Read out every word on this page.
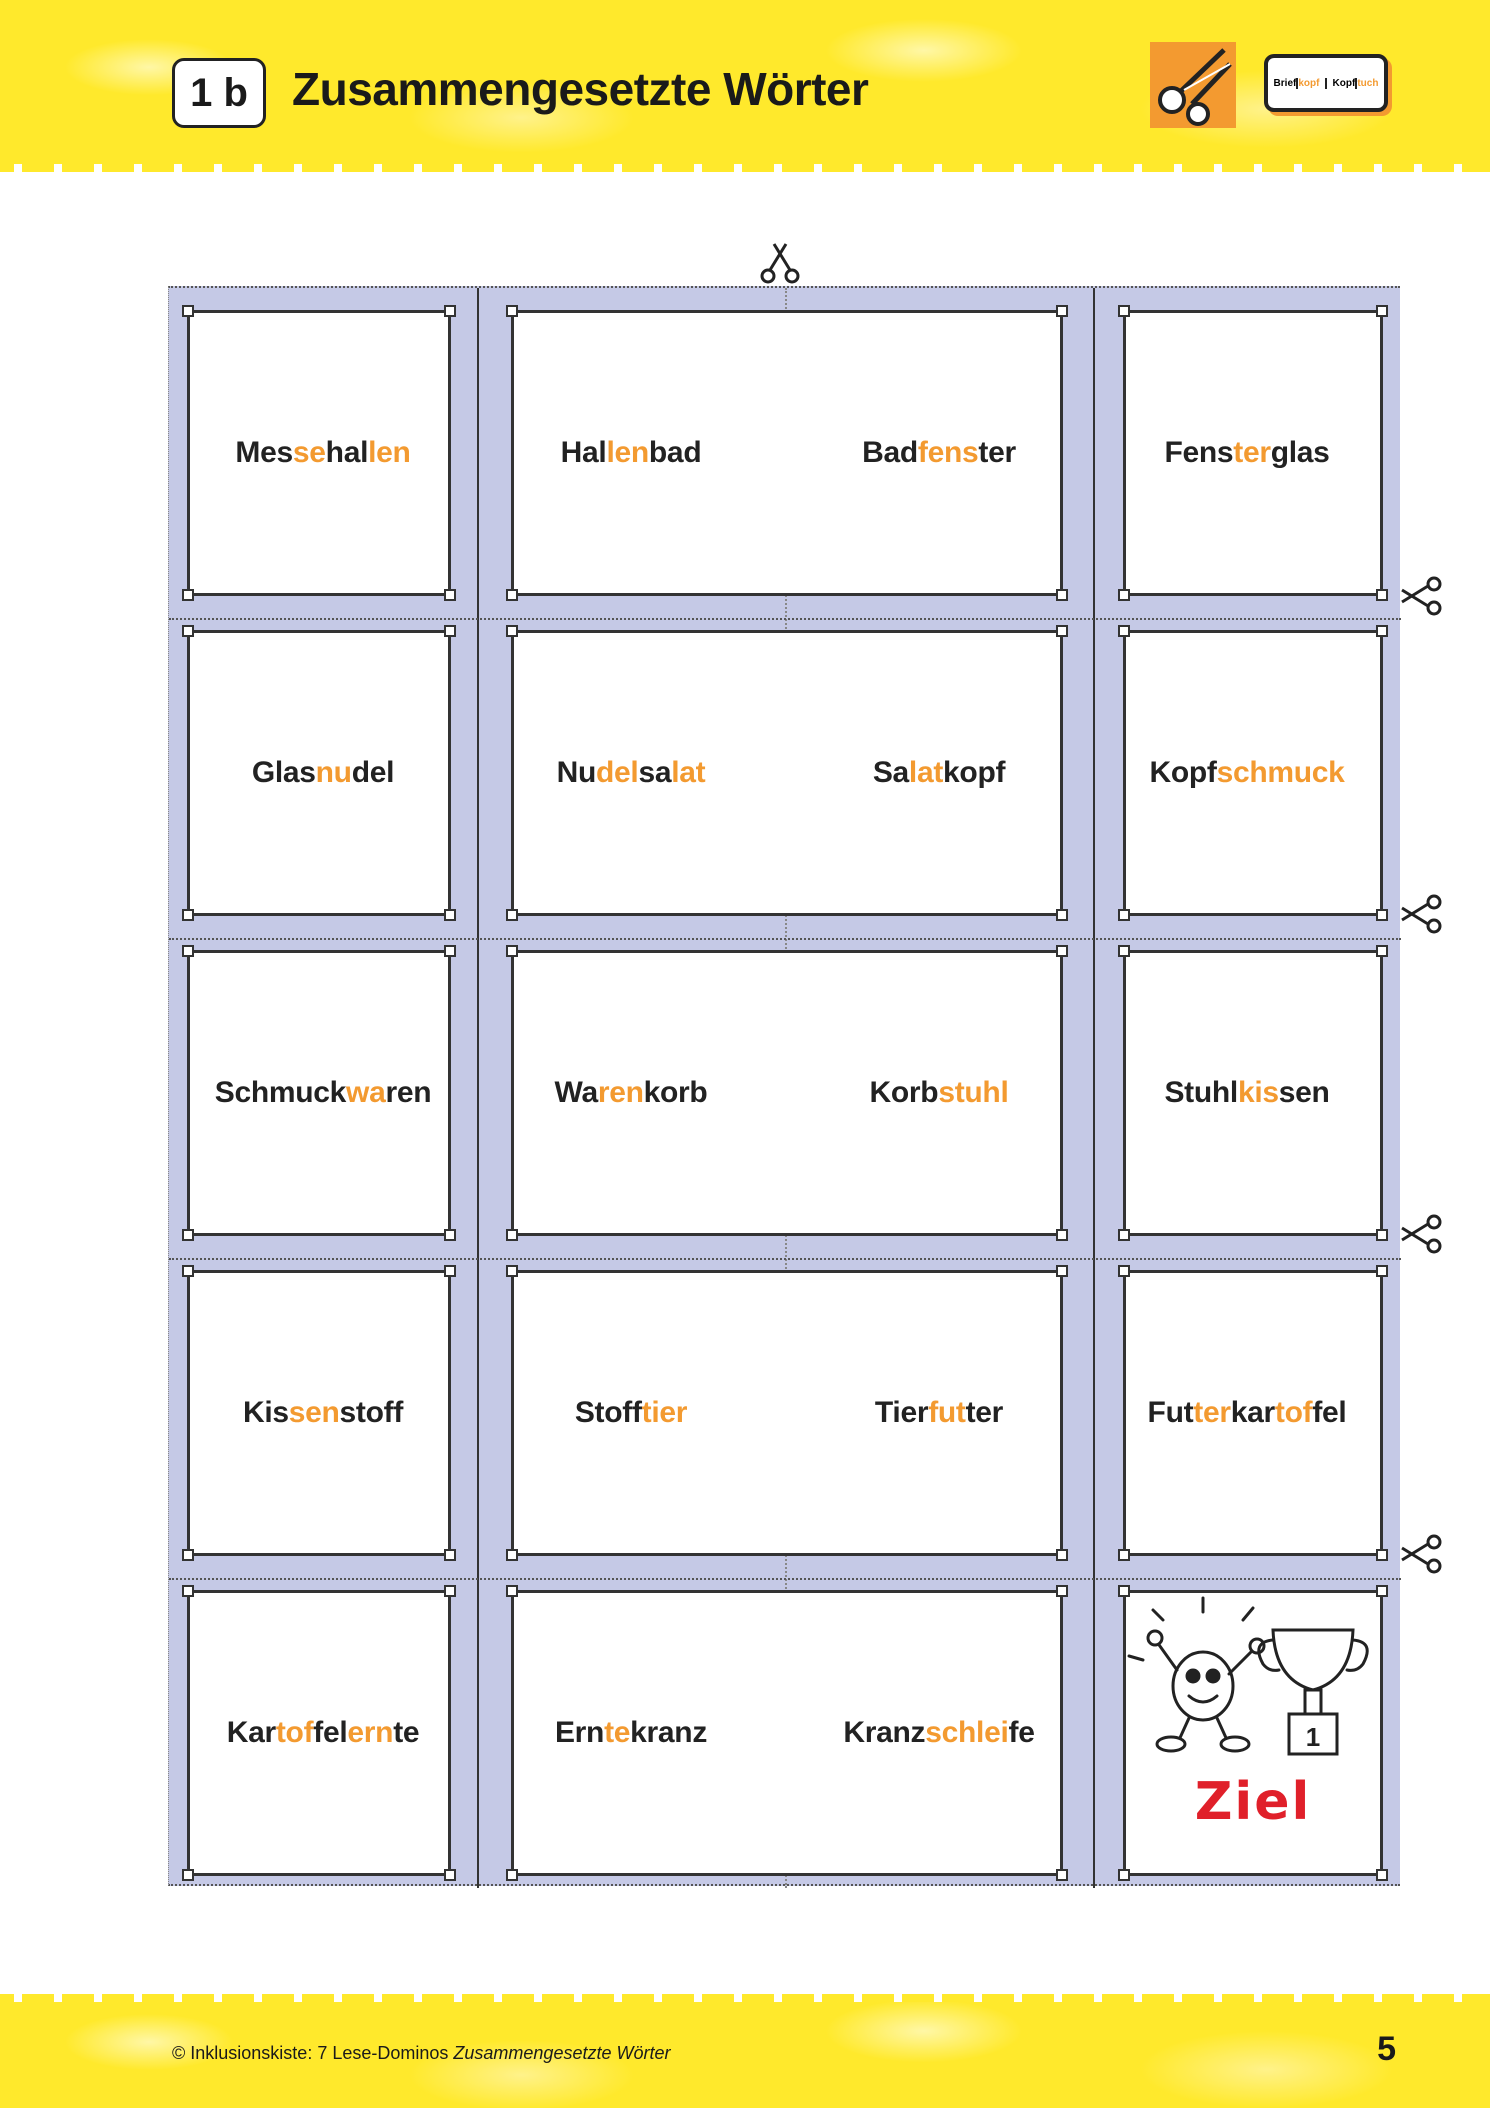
1 b Zusammengesetzte Wörter	Brief kopf	Kopf tuch
Mes se hal len	Hal len bad	Bad fens ter	Fens ter glas
Glas nu del	Nu del sa lat	Sa lat kopf	Kopf schmuck
Schmuck wa ren	Wa ren korb	Korb stuhl	Stuhl kis sen
Kis sen stoff	Stoff tier	Tier fut ter	Fut ter kar tof fel
Kar tof fel ern te	Ern te kranz	Kranz schlei fe	1
Ziel
© Inklusionskiste: 7 Lese-Dominos Zusammengesetzte Wörter	5
